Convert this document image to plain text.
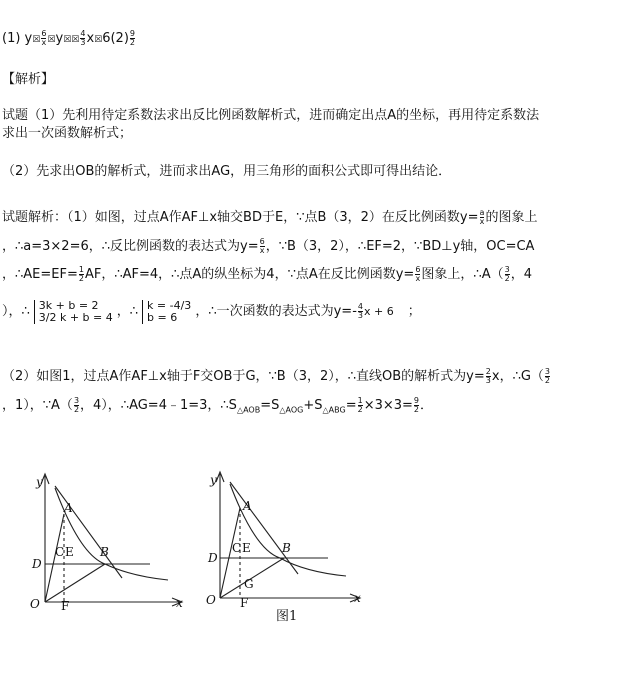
(1) y☒ $\frac{6}{x}$ ☒y☒☒ $\frac{4}{3}$ x☒6(2) $\frac{9}{2}$
【解析】
试题（1）先利用待定系数法求出反比例函数解析式，进而确定出点A的坐标，再用待定系数法
求出一次函数解析式；
（2）先求出OB的解析式，进而求出AG，用三角形的面积公式即可得出结论．
试题解析：（1）如图，过点A作AF⊥x轴交BD于E，∵点B（3，2）在反比例函数$y= \frac{a}{x}$ 的图象上
，∴a=3×2=6，∴反比例函数的表达式为$y= \frac{6}{x}$ ，∵B（3，2），∴EF=2，∵BD⊥y轴，OC=CA
，∴AE=EF= $\frac{1}{2}$ AF，∴AF=4，∴点A的纵坐标为4，∵点A在反比例函数$y= \frac{6}{x}$ 图象上，∴A（ $\frac{3}{2}$ ，4
），∴ 3k + b = 2
3/2 k + b = 4 ，∴ k = -4/3
b = 6	，∴一次函数的表达式为$y=- \frac{4}{3}$ x + 6 ；
（2）如图1，过点A作AF⊥x轴于F交OB于G，∵B（3，2），∴直线OB的解析式为$y= \frac{2}{3}$ x，∴G（ $\frac{3}{2}$
，1），∵A（ $\frac{3}{2}$ ，4），∴AG=4﹣1=3，$\therefore S_{\triangle AOB}=S_{\triangle AOG}+S_{\triangle ABG}= \frac{1}{2} \times 3\times 3= \frac{9}{2}$ ．
y
A
C E B
D
O F	x
y
A
C E	B
D
G
O F	x
图1
